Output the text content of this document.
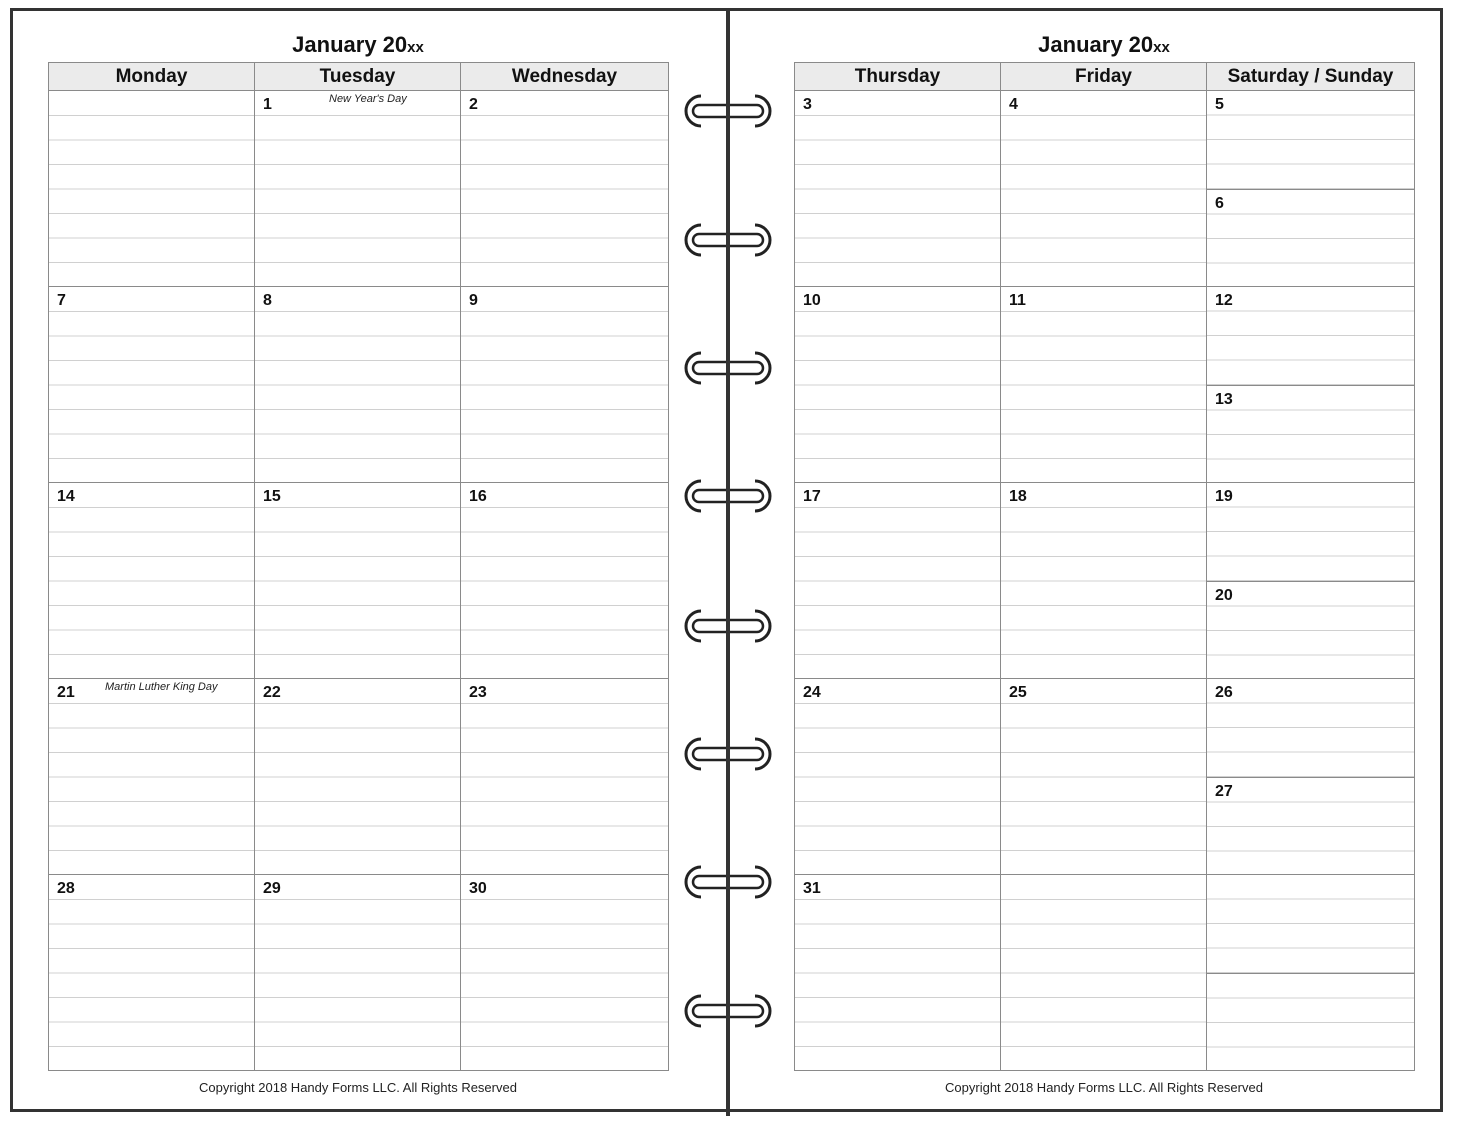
January 20xx
Monday	Tuesday	Wednesday

	1 New Year's Day	2

7	8	9

14	15	16

21 Martin Luther King Day	22	23

28	29	30
Copyright 2018 Handy Forms LLC. All Rights Reserved
January 20xx
Thursday	Friday	Saturday / Sunday

3	4	5
6

10	11	12
13

17	18	19
20

24	25	26
27

31		

Copyright 2018 Handy Forms LLC. All Rights Reserved
